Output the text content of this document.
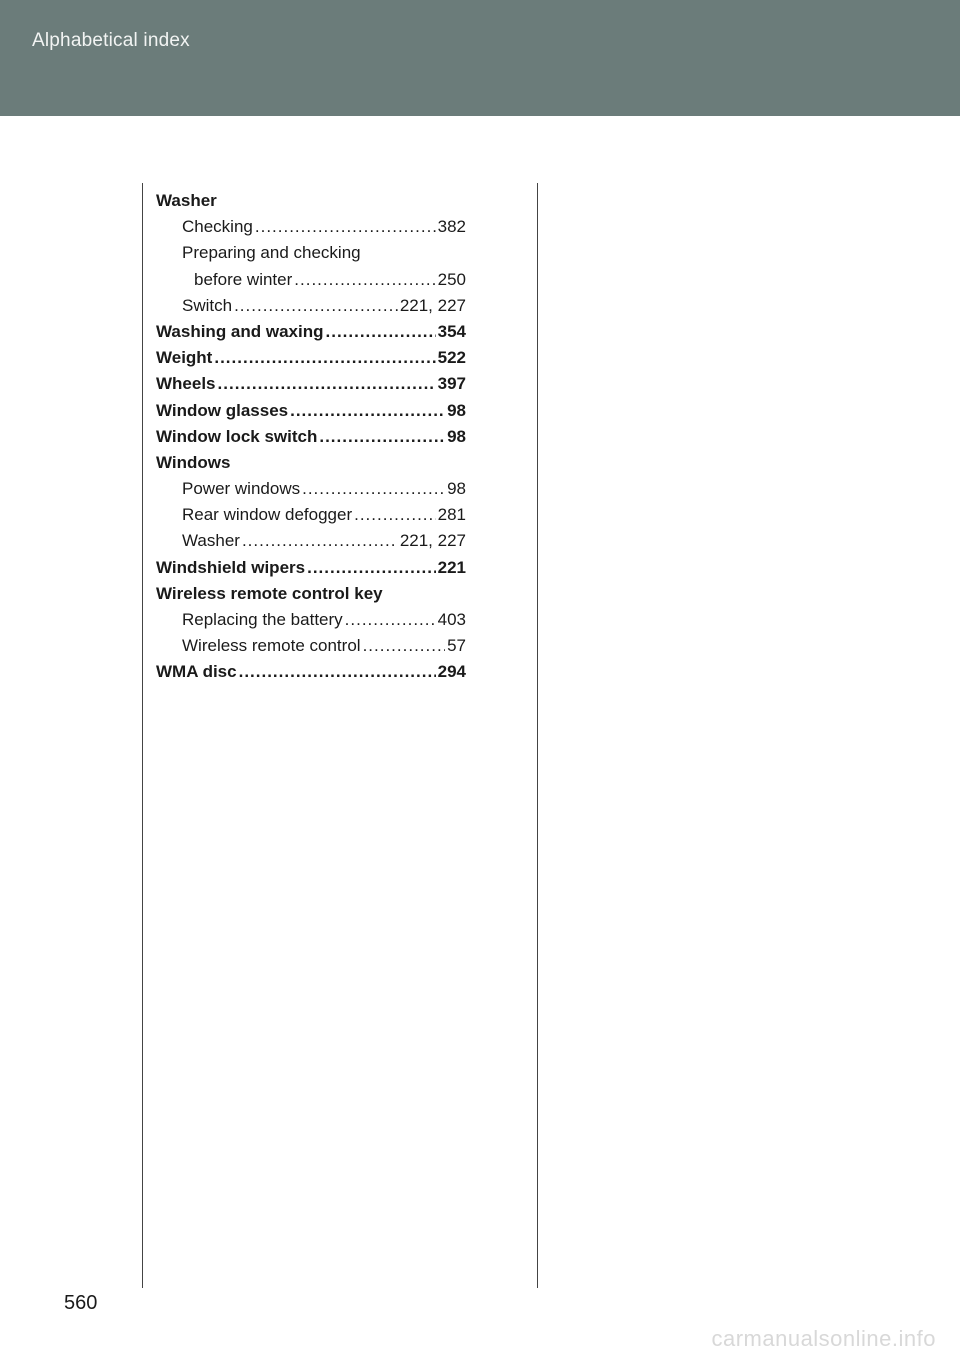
Alphabetical index
Washer
Checking .....	382
Preparing and checking
before winter .....	250
Switch .....	221, 227
Washing and waxing .....	354
Weight .....	522
Wheels .....	397
Window glasses .....	98
Window lock switch .....	98
Windows
Power windows .....	98
Rear window defogger .....	281
Washer .....	221, 227
Windshield wipers .....	221
Wireless remote control key
Replacing the battery .....	403
Wireless remote control .....	57
WMA disc .....	294
560
carmanualsonline.info
